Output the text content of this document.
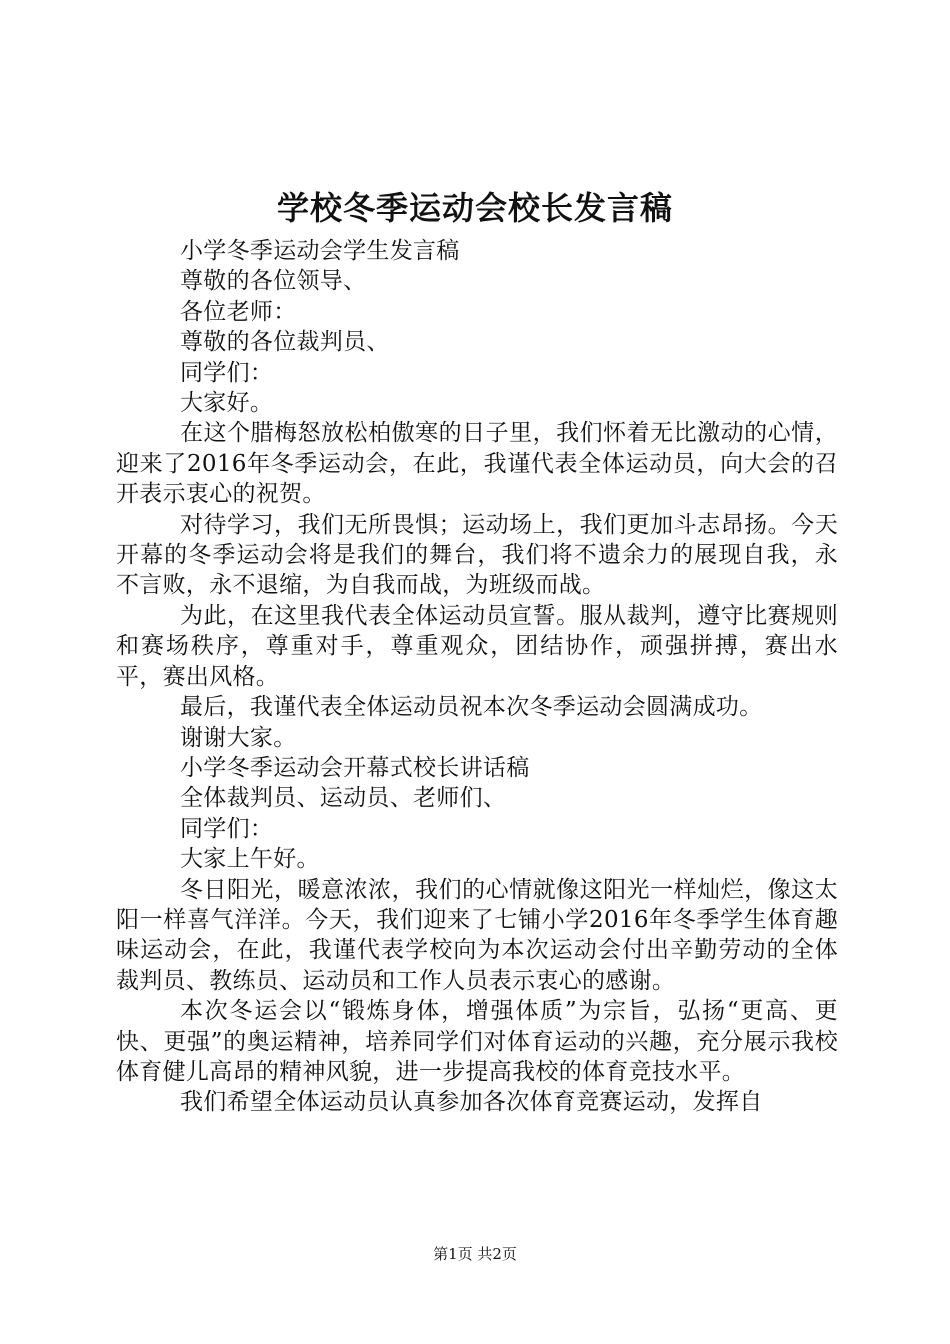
学校冬季运动会校长发言稿

小学冬季运动会学生发言稿

尊敬的各位领导、

各位老师：

尊敬的各位裁判员、

同学们：

大家好。

在这个腊梅怒放松柏傲寒的日子里，我们怀着无比激动的心情，迎来了2016年冬季运动会，在此，我谨代表全体运动员，向大会的召开表示衷心的祝贺。

对待学习，我们无所畏惧；运动场上，我们更加斗志昂扬。今天开幕的冬季运动会将是我们的舞台，我们将不遗余力的展现自我，永不言败，永不退缩，为自我而战，为班级而战。

为此，在这里我代表全体运动员宣誓。服从裁判，遵守比赛规则和赛场秩序，尊重对手，尊重观众，团结协作，顽强拼搏，赛出水平，赛出风格。

最后，我谨代表全体运动员祝本次冬季运动会圆满成功。

谢谢大家。

小学冬季运动会开幕式校长讲话稿

全体裁判员、运动员、老师们、

同学们：

大家上午好。

冬日阳光，暖意浓浓，我们的心情就像这阳光一样灿烂，像这太阳一样喜气洋洋。今天，我们迎来了七铺小学2016年冬季学生体育趣味运动会，在此，我谨代表学校向为本次运动会付出辛勤劳动的全体裁判员、教练员、运动员和工作人员表示衷心的感谢。

本次冬运会以“锻炼身体，增强体质”为宗旨，弘扬“更高、更快、更强”的奥运精神，培养同学们对体育运动的兴趣，充分展示我校体育健儿高昂的精神风貌，进一步提高我校的体育竞技水平。

我们希望全体运动员认真参加各次体育竞赛运动，发挥自

第1页 共2页
